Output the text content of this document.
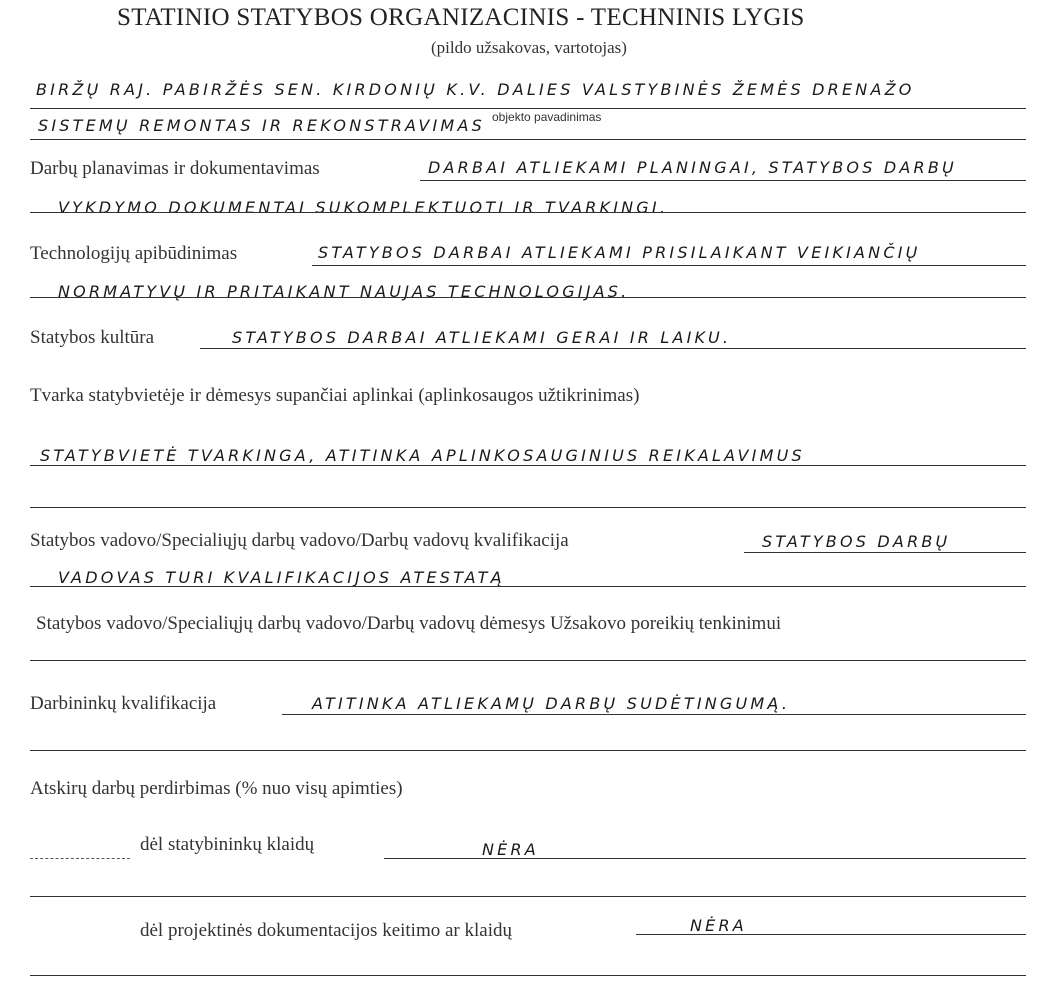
STATINIO STATYBOS ORGANIZACINIS - TECHNINIS LYGIS
(pildo užsakovas, vartotojas)
BIRŽŲ RAJ. PABIRŽĖS SEN. KIRDONIŲ K.V. DALIES VALSTYBINĖS ŽEMĖS DRENAŽO
SISTEMŲ REMONTAS IR REKONSTRAVIMAS objekto pavadinimas
Darbų planavimas ir dokumentavimas	DARBAI ATLIEKAMI PLANINGAI, STATYBOS DARBŲ
VYKDYMO DOKUMENTAI SUKOMPLEKTUOTI IR TVARKINGI.
Technologijų apibūdinimas	STATYBOS DARBAI ATLIEKAMI PRISILAIKANT VEIKIANČIŲ
NORMATYVŲ IR PRITAIKANT NAUJAS TECHNOLOGIJAS.
Statybos kultūra	STATYBOS DARBAI ATLIEKAMI GERAI IR LAIKU.
Tvarka statybvietėje ir dėmesys supančiai aplinkai (aplinkosaugos užtikrinimas)
STATYBVIETĖ TVARKINGA, ATITINKA APLINKOSAUGINIUS REIKALAVIMUS
Statybos vadovo/Specialiųjų darbų vadovo/Darbų vadovų kvalifikacija	STATYBOS DARBŲ
VADOVAS TURI KVALIFIKACIJOS ATESTATĄ
Statybos vadovo/Specialiųjų darbų vadovo/Darbų vadovų dėmesys Užsakovo poreikių tenkinimui
Darbininkų kvalifikacija	ATITINKA ATLIEKAMŲ DARBŲ SUDĖTINGUMĄ.
Atskirų darbų perdirbimas (% nuo visų apimties)
dėl statybininkų klaidų	NĖRA
dėl projektinės dokumentacijos keitimo ar klaidų	NĖRA
